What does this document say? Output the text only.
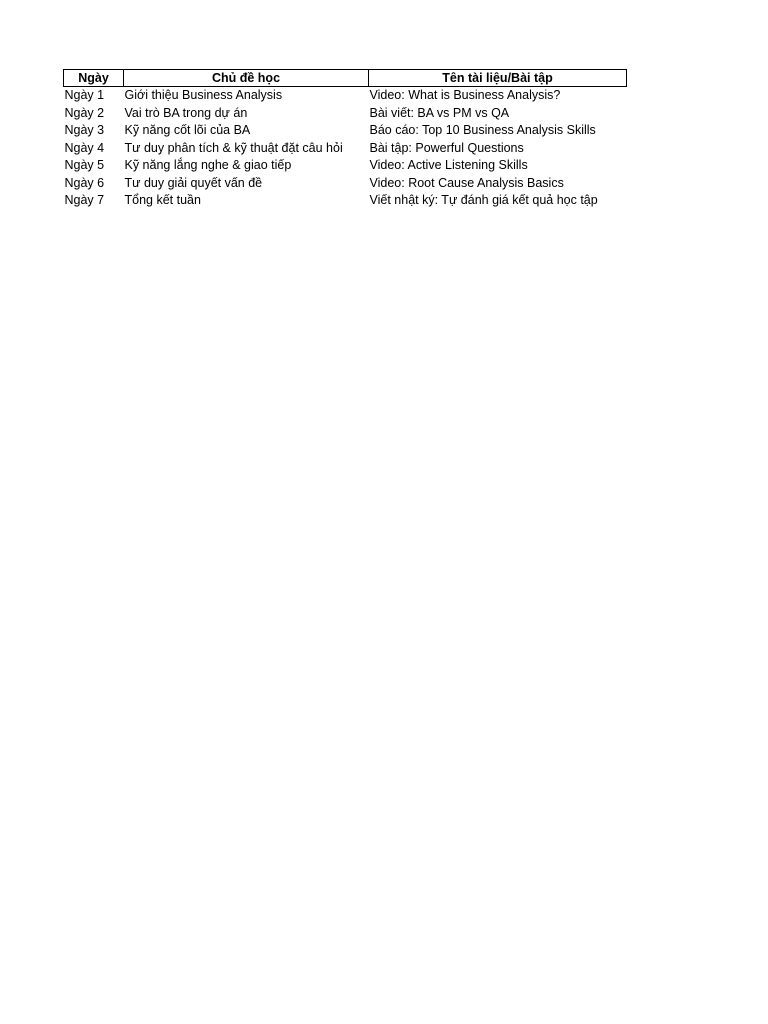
Ngày	Chủ đề học	Tên tài liệu/Bài tập
Ngày 1	Giới thiệu Business Analysis	Video: What is Business Analysis?
Ngày 2	Vai trò BA trong dự án	Bài viết: BA vs PM vs QA
Ngày 3	Kỹ năng cốt lõi của BA	Báo cáo: Top 10 Business Analysis Skills
Ngày 4	Tư duy phân tích & kỹ thuật đặt câu hỏi	Bài tập: Powerful Questions
Ngày 5	Kỹ năng lắng nghe & giao tiếp	Video: Active Listening Skills
Ngày 6	Tư duy giải quyết vấn đề	Video: Root Cause Analysis Basics
Ngày 7	Tổng kết tuần	Viết nhật ký: Tự đánh giá kết quả học tập
